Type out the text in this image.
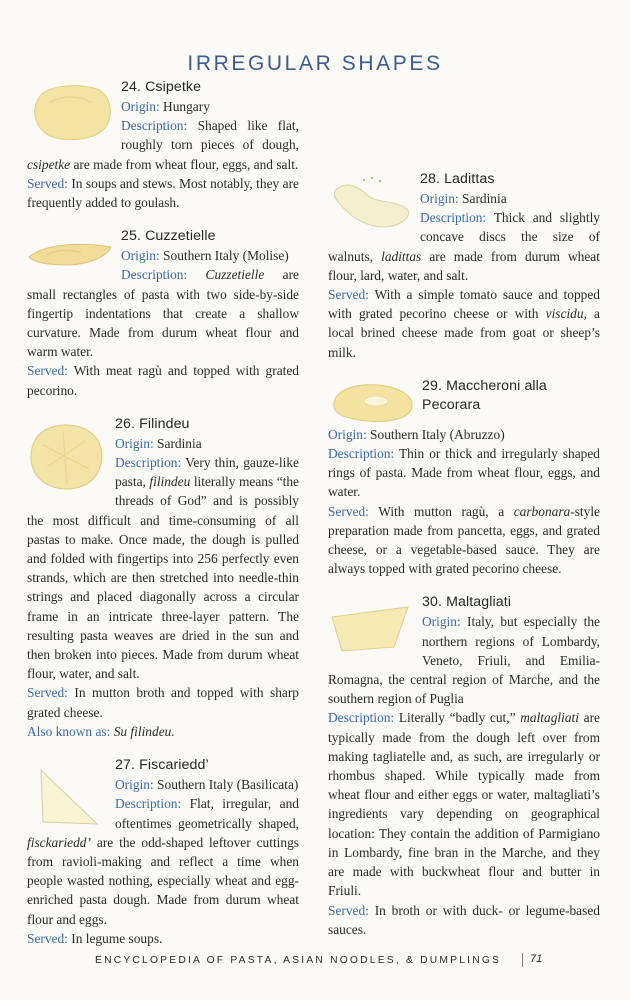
IRREGULAR SHAPES
24. Csipetke

Origin: Hungary

Description: Shaped like flat, roughly torn pieces of dough, csipetke are made from wheat flour, eggs, and salt.

Served: In soups and stews. Most notably, they are frequently added to goulash.

25. Cuzzetielle

Origin: Southern Italy (Molise)

Description: Cuzzetielle are small rectangles of pasta with two side-by-side fingertip indentations that create a shallow curvature. Made from durum wheat flour and warm water.

Served: With meat ragù and topped with grated pecorino.

26. Filindeu

Origin: Sardinia

Description: Very thin, gauze-like pasta, filindeu literally means “the threads of God” and is possibly the most difficult and time-consuming of all pastas to make. Once made, the dough is pulled and folded with fingertips into 256 perfectly even strands, which are then stretched into needle-thin strings and placed diagonally across a circular frame in an intricate three-layer pattern. The resulting pasta weaves are dried in the sun and then broken into pieces. Made from durum wheat flour, water, and salt.

Served: In mutton broth and topped with sharp grated cheese.

Also known as: Su filindeu.

27. Fiscariedd’

Origin: Southern Italy (Basilicata)

Description: Flat, irregular, and oftentimes geometrically shaped, fisckariedd’ are the odd-shaped leftover cuttings from ravioli-making and reflect a time when people wasted nothing, especially wheat and egg-enriched pasta dough. Made from durum wheat flour and eggs.

Served: In legume soups.

28. Ladittas

Origin: Sardinia

Description: Thick and slightly concave discs the size of walnuts, ladittas are made from durum wheat flour, lard, water, and salt.

Served: With a simple tomato sauce and topped with grated pecorino cheese or with viscidu, a local brined cheese made from goat or sheep’s milk.

29. Maccheroni alla Pecorara

Origin: Southern Italy (Abruzzo)

Description: Thin or thick and irregularly shaped rings of pasta. Made from wheat flour, eggs, and water.

Served: With mutton ragù, a carbonara-style preparation made from pancetta, eggs, and grated cheese, or a vegetable-based sauce. They are always topped with grated pecorino cheese.

30. Maltagliati

Origin: Italy, but especially the northern regions of Lombardy, Veneto, Friuli, and Emilia-Romagna, the central region of Marche, and the southern region of Puglia

Description: Literally “badly cut,” maltagliati are typically made from the dough left over from making tagliatelle and, as such, are irregularly or rhombus shaped. While typically made from wheat flour and either eggs or water, maltagliati’s ingredients vary depending on geographical location: They contain the addition of Parmigiano in Lombardy, fine bran in the Marche, and they are made with buckwheat flour and butter in Friuli.

Served: In broth or with duck- or legume-based sauces.

ENCYCLOPEDIA OF PASTA, ASIAN NOODLES, & DUMPLINGS	71
